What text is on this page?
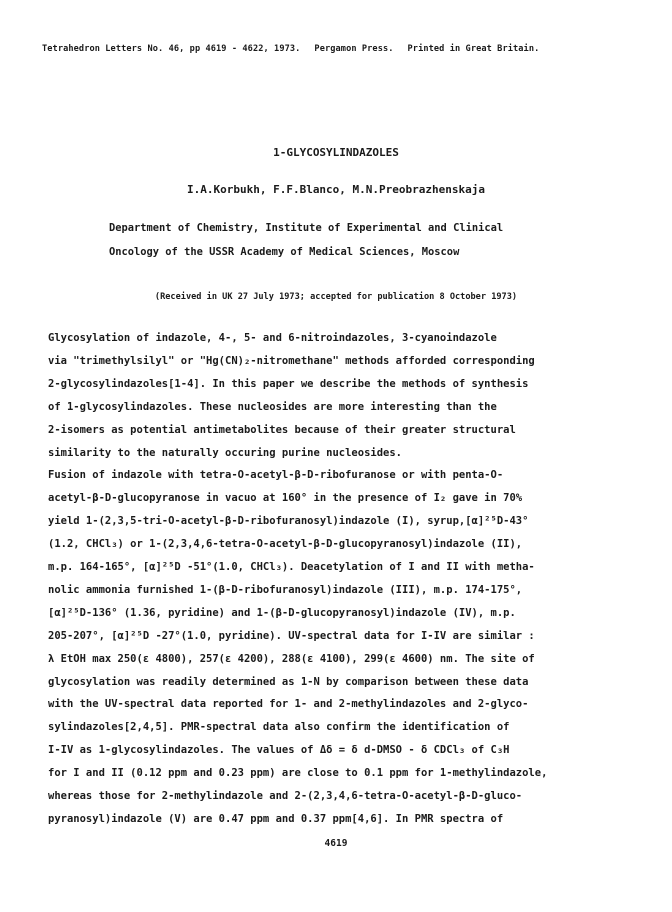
Tetrahedron Letters No. 46, pp 4619 - 4622, 1973. Pergamon Press. Printed in Great Britain.
1-GLYCOSYLINDAZOLES
I.A.Korbukh, F.F.Blanco, M.N.Preobrazhenskaja
Department of Chemistry, Institute of Experimental and Clinical
Oncology of the USSR Academy of Medical Sciences, Moscow
(Received in UK 27 July 1973; accepted for publication 8 October 1973)
Glycosylation of indazole, 4-, 5- and 6-nitroindazoles, 3-cyanoindazole
via "trimethylsilyl" or "Hg(CN)₂-nitromethane" methods afforded corresponding
2-glycosylindazoles[1-4]. In this paper we describe the methods of synthesis
of 1-glycosylindazoles. These nucleosides are more interesting than the
2-isomers as potential antimetabolites because of their greater structural
similarity to the naturally occuring purine nucleosides.
Fusion of indazole with tetra-O-acetyl-β-D-ribofuranose or with penta-O-
acetyl-β-D-glucopyranose in vacuo at 160° in the presence of I₂ gave in 70%
yield 1-(2,3,5-tri-O-acetyl-β-D-ribofuranosyl)indazole (I), syrup,[α]²⁵D-43°
(1.2, CHCl₃) or 1-(2,3,4,6-tetra-O-acetyl-β-D-glucopyranosyl)indazole (II),
m.p. 164-165°, [α]²⁵D -51°(1.0, CHCl₃). Deacetylation of I and II with metha-
nolic ammonia furnished 1-(β-D-ribofuranosyl)indazole (III), m.p. 174-175°,
[α]²⁵D-136° (1.36, pyridine) and 1-(β-D-glucopyranosyl)indazole (IV), m.p.
205-207°, [α]²⁵D -27°(1.0, pyridine). UV-spectral data for I-IV are similar :
λ EtOH max 250(ε 4800), 257(ε 4200), 288(ε 4100), 299(ε 4600) nm. The site of
glycosylation was readily determined as 1-N by comparison between these data
with the UV-spectral data reported for 1- and 2-methylindazoles and 2-glyco-
sylindazoles[2,4,5]. PMR-spectral data also confirm the identification of
I-IV as 1-glycosylindazoles. The values of Δδ = δ d-DMSO - δ CDCl₃ of C₃H
for I and II (0.12 ppm and 0.23 ppm) are close to 0.1 ppm for 1-methylindazole,
whereas those for 2-methylindazole and 2-(2,3,4,6-tetra-O-acetyl-β-D-gluco-
pyranosyl)indazole (V) are 0.47 ppm and 0.37 ppm[4,6]. In PMR spectra of
4619
